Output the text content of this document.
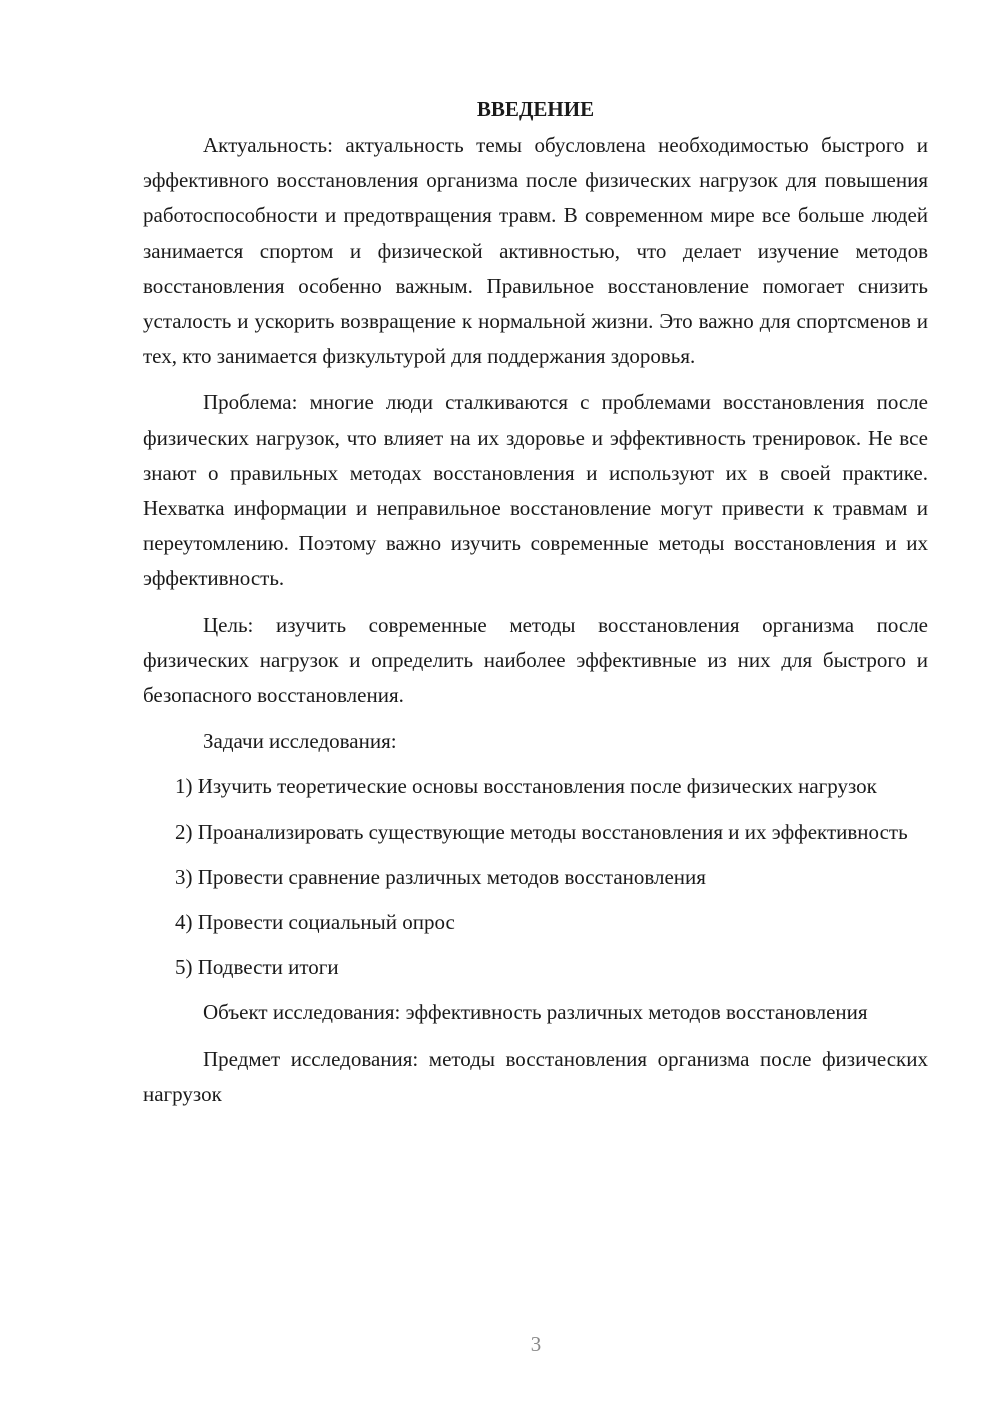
ВВЕДЕНИЕ

Актуальность: актуальность темы обусловлена необходимостью быстрого и эффективного восстановления организма после физических нагрузок для повышения работоспособности и предотвращения травм. В современном мире все больше людей занимается спортом и физической активностью, что делает изучение методов восстановления особенно важным. Правильное восстановление помогает снизить усталость и ускорить возвращение к нормальной жизни. Это важно для спортсменов и тех, кто занимается физкультурой для поддержания здоровья.

Проблема: многие люди сталкиваются с проблемами восстановления после физических нагрузок, что влияет на их здоровье и эффективность тренировок. Не все знают о правильных методах восстановления и используют их в своей практике. Нехватка информации и неправильное восстановление могут привести к травмам и переутомлению. Поэтому важно изучить современные методы восстановления и их эффективность.

Цель: изучить современные методы восстановления организма после физических нагрузок и определить наиболее эффективные из них для быстрого и безопасного восстановления.

Задачи исследования:

1) Изучить теоретические основы восстановления после физических нагрузок

2) Проанализировать существующие методы восстановления и их эффективность

3) Провести сравнение различных методов восстановления

4) Провести социальный опрос

5) Подвести итоги

Объект исследования: эффективность различных методов восстановления

Предмет исследования: методы восстановления организма после физических нагрузок

3
